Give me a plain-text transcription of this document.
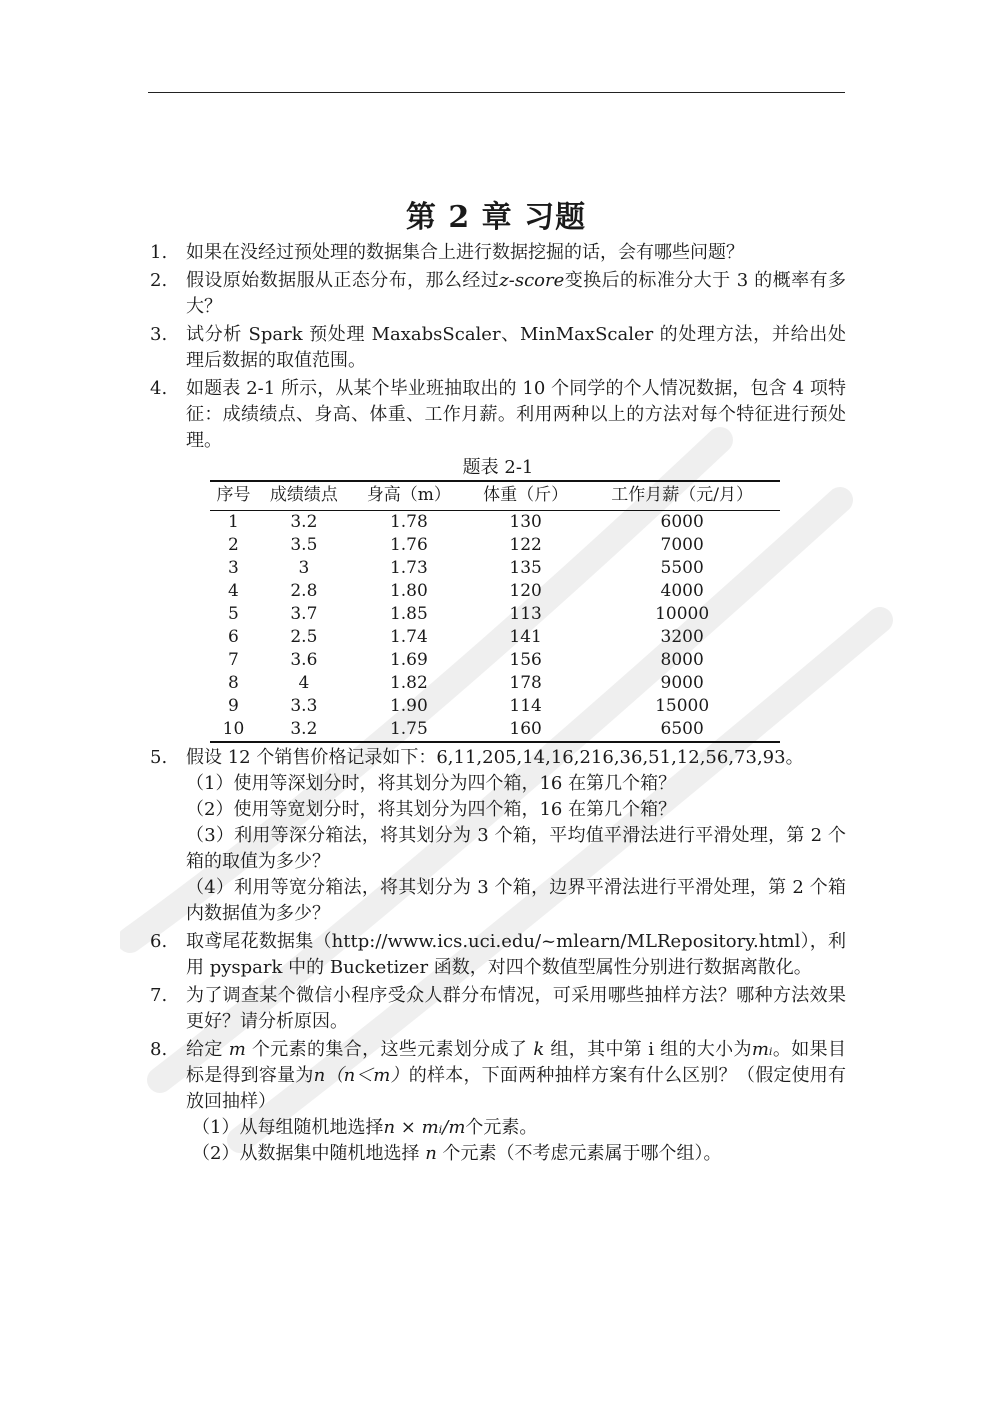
第 2 章 习题
1. 如果在没经过预处理的数据集合上进行数据挖掘的话，会有哪些问题？

2. 假设原始数据服从正态分布，那么经过z-score变换后的标准分大于 3 的概率有多大？

3. 试分析 Spark 预处理 MaxabsScaler、MinMaxScaler 的处理方法，并给出处理后数据的取值范围。

4. 如题表 2-1 所示，从某个毕业班抽取出的 10 个同学的个人情况数据，包含 4 项特征：成绩绩点、身高、体重、工作月薪。利用两种以上的方法对每个特征进行预处理。

题表 2-1
序号	成绩绩点	身高（m）	体重（斤）	工作月薪（元/月）
1	3.2	1.78	130	6000
2	3.5	1.76	122	7000
3	3	1.73	135	5500
4	2.8	1.80	120	4000
5	3.7	1.85	113	10000
6	2.5	1.74	141	3200
7	3.6	1.69	156	8000
8	4	1.82	178	9000
9	3.3	1.90	114	15000
10	3.2	1.75	160	6500
5. 假设 12 个销售价格记录如下：6,11,205,14,16,216,36,51,12,56,73,93。

（1）使用等深划分时，将其划分为四个箱，16 在第几个箱？

（2）使用等宽划分时，将其划分为四个箱，16 在第几个箱？

（3）利用等深分箱法，将其划分为 3 个箱，平均值平滑法进行平滑处理，第 2 个箱的取值为多少？

（4）利用等宽分箱法，将其划分为 3 个箱，边界平滑法进行平滑处理，第 2 个箱内数据值为多少？

6. 取鸢尾花数据集（http://www.ics.uci.edu/~mlearn/MLRepository.html），利用 pyspark 中的 Bucketizer 函数，对四个数值型属性分别进行数据离散化。

7. 为了调查某个微信小程序受众人群分布情况，可采用哪些抽样方法？哪种方法效果更好？请分析原因。

8. 给定 m 个元素的集合，这些元素划分成了 k 组，其中第 i 组的大小为mᵢ。如果目标是得到容量为n（n＜m）的样本，下面两种抽样方案有什么区别？（假定使用有放回抽样）

（1）从每组随机地选择n × mᵢ/m个元素。

（2）从数据集中随机地选择 n 个元素（不考虑元素属于哪个组）。
